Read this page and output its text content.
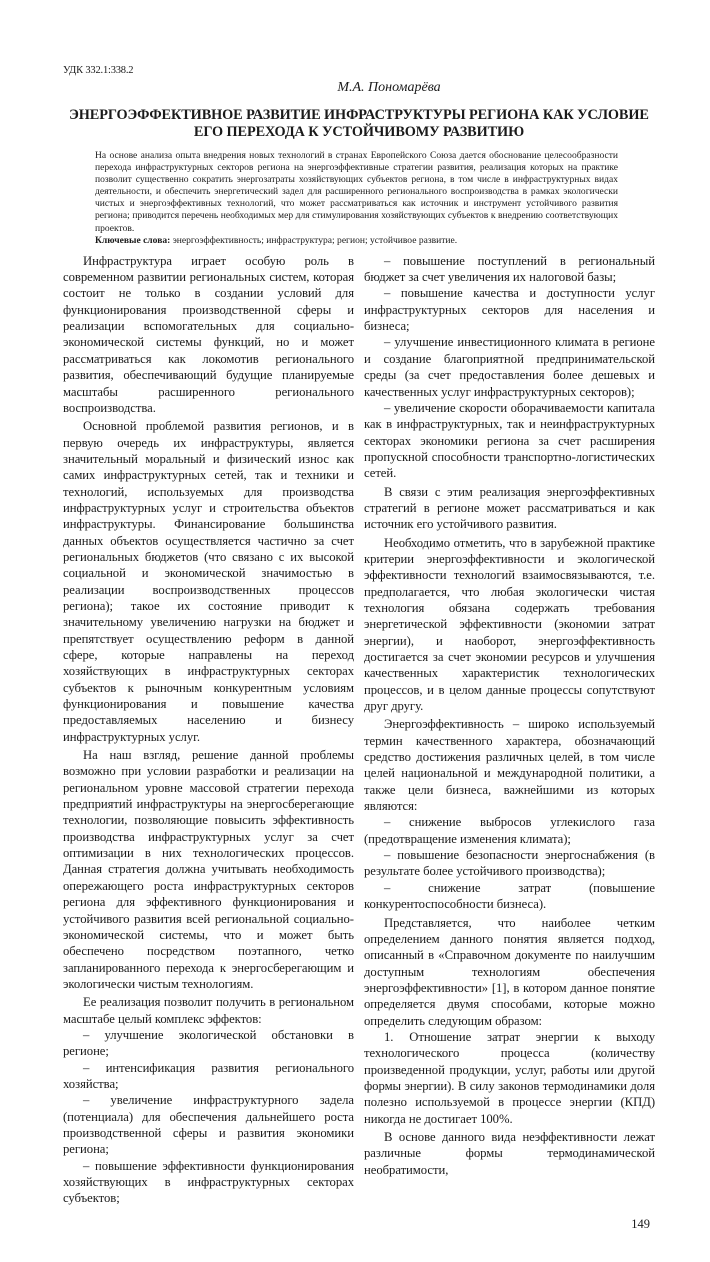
УДК 332.1:338.2
М.А. Пономарёва
ЭНЕРГОЭФФЕКТИВНОЕ РАЗВИТИЕ ИНФРАСТРУКТУРЫ РЕГИОНА КАК УСЛОВИЕ
ЕГО ПЕРЕХОДА К УСТОЙЧИВОМУ РАЗВИТИЮ

На основе анализа опыта внедрения новых технологий в странах Европейского Союза дается обоснование целесообразности перехода инфраструктурных секторов региона на энергоэффективные стратегии развития, реализация которых на практике позволит существенно сократить энергозатраты хозяйствующих субъектов региона, в том числе в инфраструктурных видах деятельности, и обеспечить энергетический задел для расширенного регионального воспроизводства в рамках экологически чистых и энергоэффективных технологий, что может рассматриваться как источник и инструмент устойчивого развития региона; приводится перечень необходимых мер для стимулирования хозяйствующих субъектов к внедрению соответствующих проектов.

Ключевые слова: энергоэффективность; инфраструктура; регион; устойчивое развитие.

Инфраструктура играет особую роль в современном развитии региональных систем, которая состоит не только в создании условий для функционирования производственной сферы и реализации вспомогательных для социально-экономической системы функций, но и может рассматриваться как локомотив регионального развития, обеспечивающий будущие планируемые масштабы расширенного регионального воспроизводства.

Основной проблемой развития регионов, и в первую очередь их инфраструктуры, является значительный моральный и физический износ как самих инфраструктурных сетей, так и техники и технологий, используемых для производства инфраструктурных услуг и строительства объектов инфраструктуры. Финансирование большинства данных объектов осуществляется частично за счет региональных бюджетов (что связано с их высокой социальной и экономической значимостью в реализации воспроизводственных процессов региона); такое их состояние приводит к значительному увеличению нагрузки на бюджет и препятствует осуществлению реформ в данной сфере, которые направлены на переход хозяйствующих в инфраструктурных секторах субъектов к рыночным конкурентным условиям функционирования и повышение качества предоставляемых населению и бизнесу инфраструктурных услуг.

На наш взгляд, решение данной проблемы возможно при условии разработки и реализации на региональном уровне массовой стратегии перехода предприятий инфраструктуры на энергосберегающие технологии, позволяющие повысить эффективность производства инфраструктурных услуг за счет оптимизации в них технологических процессов. Данная стратегия должна учитывать необходимость опережающего роста инфраструктурных секторов региона для эффективного функционирования и устойчивого развития всей региональной социально-экономической системы, что и может быть обеспечено посредством поэтапного, четко запланированного перехода к энергосберегающим и экологически чистым технологиям.

Ее реализация позволит получить в региональном масштабе целый комплекс эффектов:

– улучшение экологической обстановки в регионе;

– интенсификация развития регионального хозяйства;

– увеличение инфраструктурного задела (потенциала) для обеспечения дальнейшего роста производственной сферы и развития экономики региона;

– повышение эффективности функционирования хозяйствующих в инфраструктурных секторах субъектов;

– повышение поступлений в региональный бюджет за счет увеличения их налоговой базы;

– повышение качества и доступности услуг инфраструктурных секторов для населения и бизнеса;

– улучшение инвестиционного климата в регионе и создание благоприятной предпринимательской среды (за счет предоставления более дешевых и качественных услуг инфраструктурных секторов);

– увеличение скорости оборачиваемости капитала как в инфраструктурных, так и неинфраструктурных секторах экономики региона за счет расширения пропускной способности транспортно-логистических сетей.

В связи с этим реализация энергоэффективных стратегий в регионе может рассматриваться и как источник его устойчивого развития.

Необходимо отметить, что в зарубежной практике критерии энергоэффективности и экологической эффективности технологий взаимосвязываются, т.е. предполагается, что любая экологически чистая технология обязана содержать требования энергетической эффективности (экономии затрат энергии), и наоборот, энергоэффективность достигается за счет экономии ресурсов и улучшения качественных характеристик технологических процессов, и в целом данные процессы сопутствуют друг другу.

Энергоэффективность – широко используемый термин качественного характера, обозначающий средство достижения различных целей, в том числе целей национальной и международной политики, а также цели бизнеса, важнейшими из которых являются:

– снижение выбросов углекислого газа (предотвращение изменения климата);

– повышение безопасности энергоснабжения (в результате более устойчивого производства);

– снижение затрат (повышение конкурентоспособности бизнеса).

Представляется, что наиболее четким определением данного понятия является подход, описанный в «Справочном документе по наилучшим доступным технологиям обеспечения энергоэффективности» [1], в котором данное понятие определяется двумя способами, которые можно определить следующим образом:

1. Отношение затрат энергии к выходу технологического процесса (количеству произведенной продукции, услуг, работы или другой формы энергии). В силу законов термодинамики доля полезно используемой в процессе энергии (КПД) никогда не достигает 100%.

В основе данного вида неэффективности лежат различные формы термодинамической необратимости,

149
